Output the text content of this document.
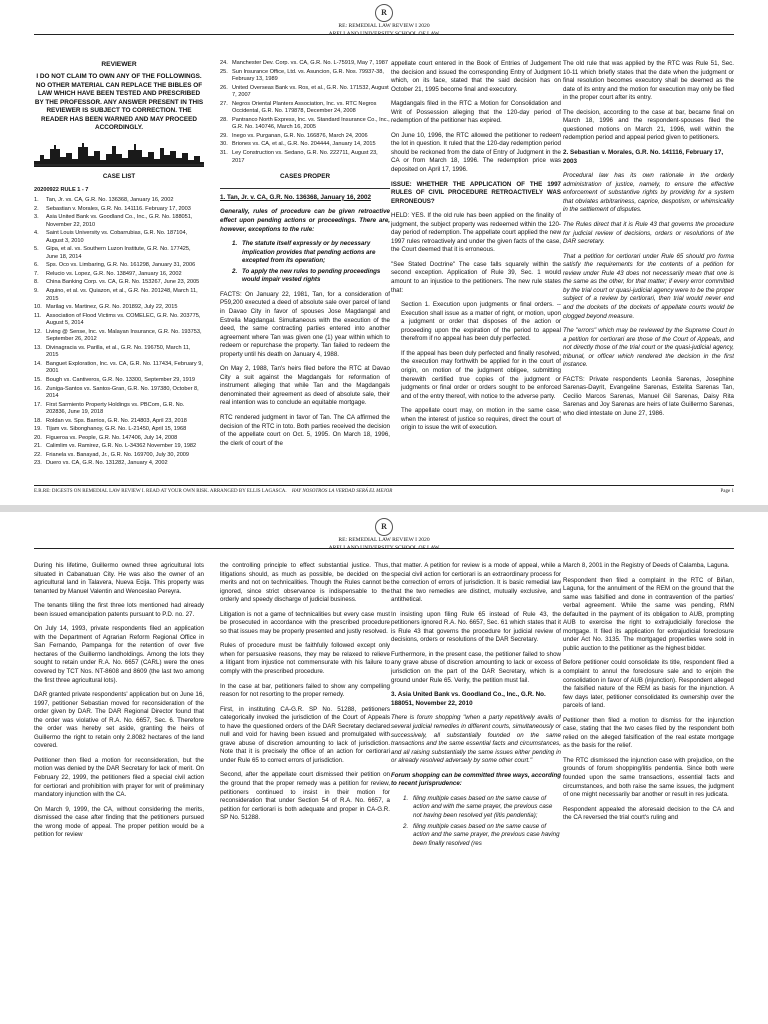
R
RE: REMEDIAL LAW REVIEW I 2020
REVIEWER
I DO NOT CLAIM TO OWN ANY OF THE FOLLOWINGS. NO OTHER MATERIAL CAN REPLACE THE BIBLES OF LAW WHICH HAVE BEEN TESTED AND PRESCRIBED BY THE PROFESSOR. ANY ANSWER PRESENT IN THIS REVIEWER IS SUBJECT TO CORRECTION. THE READER HAS BEEN WARNED AND MAY PROCEED ACCORDINGLY.
CASE LIST
20200922 RULE 1 - 7
1.	Tan, Jr. vs. CA, G.R. No. 136368, January 16, 2002
2.	Sebastian v. Morales, G.R. No. 141116. February 17, 2003
3.	Asia United Bank vs. Goodland Co., Inc., G.R. No. 188051, November 22, 2010
4.	Saint Louis University vs. Cobarrubias, G.R. No. 187104, August 3, 2010
5.	Gipa, et al. vs. Southern Luzon Institute, G.R. No. 177425, June 18, 2014
6.	Sps. Oco vs. Limbaring, G.R. No. 161298, January 31, 2006
7.	Relucio vs. Lopez, G.R. No. 138497, January 16, 2002
8.	China Banking Corp. vs. CA, G.R. No. 153267, June 23, 2005
9.	Aquino, et al. vs. Quiazon, et al., G.R. No. 201248, March 11, 2015
10. Marilag vs. Martinez, G.R. No. 201892, July 22, 2015
11. Association of Flood Victims vs. COMELEC, G.R. No. 203775, August 5, 2014
12. Living @ Sense, Inc. vs. Malayan Insurance, G.R. No. 193753, September 26, 2012
13. Divinagracia vs. Parilla, et al., G.R. No. 196750, March 11, 2015
14. Banguet Exploration, Inc. vs. CA, G.R. No. 117434, February 9, 2001
15. Bough vs. Cantiveros, G.R. No. 13300, September 29, 1919
16. Zuniga-Santos vs. Santos-Gran, G.R. No. 197380, October 8, 2014
17. First Sarmiento Property Holdings vs. PBCom, G.R. No. 202836, June 19, 2018
18. Roldan vs. Sps. Barrios, G.R. No. 214803, April 23, 2018
19. Tijam vs. Sibonghanoy, G.R. No. L-21450, April 15, 1968
20. Figueroa vs. People, G.R. No. 147406, July 14, 2008
21. Calimlim vs. Ramirez, G.R. No. L-34362 November 19, 1982
22. Frianela vs. Banayad, Jr., G.R. No. 169700, July 30, 2009
23. Duero vs. CA, G.R. No. 131282, January 4, 2002
24. Manchester Dev. Corp. vs. CA, G.R. No. L-75919, May 7, 1987
25. Sun Insurance Office, Ltd. vs. Asuncion, G.R. Nos. 79937-38, February 13, 1989
26. United Overseas Bank vs. Ros, et al., G.R. No. 171532, August 7, 2007
27. Negros Oriental Planters Association, Inc. vs. RTC Negros Occidental, G.R. No. 179878, December 24, 2008
28. Pantranco North Express, Inc. vs. Standard Insurance Co., Inc., G.R. No. 140746, March 16, 2005
29. Inego vs. Purganan, G.R. No. 166876, March 24, 2006
30. Briones vs. CA, et al., G.R. No. 204444, January 14, 2015
31. Ley Construction vs. Sedano, G.R. No. 222711, August 23, 2017
CASES PROPER
1. Tan, Jr. v. CA, G.R. No. 136368, January 16, 2002

Generally, rules of procedure can be given retroactive effect upon pending actions or proceedings. There are, however, exceptions to the rule:

1. The statute itself expressly or by necessary implication provides that pending actions are excepted from its operation;
2. To apply the new rules to pending proceedings would impair vested rights

FACTS: On January 22, 1981, Tan, for a consideration of P59,200 executed a deed of absolute sale over parcel of land in Davao City in favor of spouses Jose Magdangal and Estrella Magdangal. Simultaneous with the execution of the deed, the same contracting parties entered into another agreement where Tan was given one (1) year within which to redeem or repurchase the property. Tan failed to redeem the property until his death on January 4, 1988.

On May 2, 1988, Tan's heirs filed before the RTC at Davao City a suit against the Magdangals for reformation of instrument alleging that while Tan and the Magdangals denominated their agreement as deed of absolute sale, their real intention was to conclude an equitable mortgage.

RTC rendered judgment in favor of Tan. The CA affirmed the decision of the RTC in toto. Both parties received the decision of the appellate court on Oct. 5, 1995. On March 18, 1996, the clerk of court of the

appellate court entered in the Book of Entries of Judgement the decision and issued the corresponding Entry of Judgment which, on its face, stated that the said decision has on October 21, 1995 become final and executory.

Magdangals filed in the RTC a Motion for Consolidation and Writ of Possession alleging that the 120-day period of redemption of the petitioner has expired.

On June 10, 1996, the RTC allowed the petitioner to redeem the lot in question. It ruled that the 120-day redemption period should be reckoned from the date of Entry of Judgment in the CA or from March 18, 1996. The redemption price was deposited on April 17, 1996.

ISSUE: WHETHER THE APPLICATION OF THE 1997 RULES OF CIVIL PROCEDURE RETROACTIVELY WAS ERRONEOUS?

HELD: YES. If the old rule has been applied on the finality of judgment, the subject property was redeemed within the 120-day period of redemption. The appellate court applied the new 1997 rules retroactively and under the given facts of the case, the Court deemed that it is erroneous.

"See Stated Doctrine" The case falls squarely within the second exception. Application of Rule 39, Sec. 1 would amount to an injustice to the petitioners. The new rule states that:

Section 1. Execution upon judgments or final orders. -- Execution shall issue as a matter of right, or motion, upon a judgment or order that disposes of the action or proceeding upon the expiration of the period to appeal therefrom if no appeal has been duly perfected.

If the appeal has been duly perfected and finally resolved, the execution may forthwith be applied for in the court of origin, on motion of the judgment obligee, submitting therewith certified true copies of the judgment or judgments or final order or orders sought to be enforced and of the entry thereof, with notice to the adverse party.

The appellate court may, on motion in the same case, when the interest of justice so requires, direct the court of origin to issue the writ of execution.

The old rule that was applied by the RTC was Rule 51, Sec. 10-11 which briefly states that the date when the judgment or final resolution becomes executory shall be deemed as the date of its entry and the motion for execution may only be filed in the proper court after its entry.

The decision, according to the case at bar, became final on March 18, 1996 and the respondent-spouses filed the questioned motions on March 21, 1996, well within the redemption period and appeal period given to petitioners.

2. Sebastian v. Morales, G.R. No. 141116, February 17, 2003

Procedural law has its own rationale in the orderly administration of justice, namely, to ensure the effective enforcement of substantive rights by providing for a system that obviates arbitrariness, caprice, despotism, or whimsicality in the settlement of disputes.

The Rules direct that it is Rule 43 that governs the procedure for judicial review of decisions, orders or resolutions of the DAR secretary.

That a petition for certiorari under Rule 65 should pro forma satisfy the requirements for the contents of a petition for review under Rule 43 does not necessarily mean that one is the same as the other, for that matter; if every error committed by the trial court or quasi-judicial agency were to be the proper subject of a review by certiorari, then trial would never end and the dockets of the dockets of appellate courts would be clogged beyond measure.

The "errors" which may be reviewed by the Supreme Court in a petition for certiorari are those of the Court of Appeals, and not directly those of the trial court or the quasi-judicial agency, tribunal, or officer which rendered the decision in the first instance.

FACTS: Private respondents Leonila Sarenas, Josephine Sarenas-Dayrit, Evangeline Sarenas, Estelita Sarenas Tan, Cecilio Marcos Sarenas, Manuel Gil Sarenas, Daisy Rita Sarenas and Joy Sarenas are heirs of late Guillermo Sarenas, who died intestate on June 27, 1986.

E.R.RE: DIGESTS ON REMEDIAL LAW REVIEW I. READ AT YOUR OWN RISK. ARRANGED BY ELLIS LAGASCA. HAY NOSOTROS LA VERDAD SERÁ EL MEJOR	Page 1
R
RE: REMEDIAL LAW REVIEW I 2020

During his lifetime, Guillermo owned three agricultural lots situated in Cabanatuan City. He was also the owner of an agricultural land in Talavera, Nueva Ecija. This property was tenanted by Manuel Valentin and Wenceslao Pereyra.

The tenants tilling the first three lots mentioned had already been issued emancipation patents pursuant to P.D. no. 27.

On July 14, 1993, private respondents filed an application with the Department of Agrarian Reform Regional Office in San Fernando, Pampanga for the retention of over five hectares of the Guillermo landholdings. Among the lots they sought to retain under R.A. No. 6657 (CARL) were the ones covered by TCT Nos. NT-8608 and 8609 (the last two among the first three agricultural lots).

DAR granted private respondents' application but on June 16, 1997, petitioner Sebastian moved for reconsideration of the order given by DAR. The DAR Regional Director found that the order was violative of R.A. No. 6657, Sec. 6. Therefore the order was hereby set aside, granting the heirs of Guillermo the right to retain only 2.8082 hectares of the land covered.

Petitioner then filed a motion for reconsideration, but the motion was denied by the DAR Secretary for lack of merit. On February 22, 1999, the petitioners filed a special civil action for certiorari and prohibition with prayer for writ of preliminary mandatory injunction with the CA.

On March 9, 1999, the CA, without considering the merits, dismissed the case after finding that the petitioners pursued the wrong mode of appeal. The proper petition would be a petition for review

the controlling principle to effect substantial justice. Thus, litigations should, as much as possible, be decided on the merits and not on technicalities. Though the Rules cannot be ignored, since strict observance is indispensable to the orderly and speedy discharge of judicial business.

Litigation is not a game of technicalities but every case must be prosecuted in accordance with the prescribed procedure so that issues may be properly presented and justly resolved.

Rules of procedure must be faithfully followed except only when for persuasive reasons, they may be relaxed to relieve a litigant from injustice not commensurate with his failure to comply with the prescribed procedure.

In the case at bar, petitioners failed to show any compelling reason for not resorting to the proper remedy.

First, in instituting CA-G.R. SP No. 51288, petitioners categorically invoked the jurisdiction of the Court of Appeals to have the questioned orders of the DAR Secretary declared null and void for having been issued and promulgated with grave abuse of discretion amounting to lack of jurisdiction. Note that it is precisely the office of an action for certiorari under Rule 65 to correct errors of jurisdiction.

Second, after the appellate court dismissed their petition on the ground that the proper remedy was a petition for review, petitioners continued to insist in their motion for reconsideration that under Section 54 of R.A. No. 6657, a petition for certiorari is both adequate and proper in CA-G.R. SP No. 51288.

that matter. A petition for review is a mode of appeal, while a special civil action for certiorari is an extraordinary process for the correction of errors of jurisdiction. It is basic remedial law that the two remedies are distinct, mutually exclusive, and antithetical.

In insisting upon filing Rule 65 instead of Rule 43, the petitioners ignored R.A. No. 6657, Sec. 61 which states that it is Rule 43 that governs the procedure for judicial review of decisions, orders or resolutions of the DAR Secretary.

Furthermore, in the present case, the petitioner failed to show any grave abuse of discretion amounting to lack or excess of jurisdiction on the part of the DAR Secretary, which is a ground under Rule 65. Verily, the petition must fail.

3. Asia United Bank vs. Goodland Co., Inc., G.R. No. 188051, November 22, 2010

There is forum shopping "when a party repetitively avails of several judicial remedies in different courts, simultaneously or successively, all substantially founded on the same transactions and the same essential facts and circumstances, and all raising substantially the same issues either pending in or already resolved adversely by some other court."

Forum shopping can be committed three ways, according to recent jurisprudence:

1. filing multiple cases based on the same cause of action and with the same prayer, the previous case not having been resolved yet (litis pendentia);
2. filing multiple cases based on the same cause of action and the same prayer, the previous case having been finally resolved (res

March 8, 2001 in the Registry of Deeds of Calamba, Laguna.

Respondent then filed a complaint in the RTC of Biñan, Laguna, for the annulment of the REM on the ground that the same was falsified and done in contravention of the parties' verbal agreement. While the same was pending, RMN defaulted in the payment of its obligation to AUB, prompting AUB to exercise the right to extrajudicially foreclose the mortgage. It filed its application for extrajudicial foreclosure under Act No. 3135. The mortgaged properties were sold in public auction to the petitioner as the highest bidder.

Before petitioner could consolidate its title, respondent filed a complaint to annul the foreclosure sale and to enjoin the consolidation in favor of AUB (injunction). Respondent alleged the falsified nature of the REM as basis for the injunction. A few days later, petitioner consolidated its ownership over the parcels of land.

Petitioner then filed a motion to dismiss for the injunction case, stating that the two cases filed by the respondent both relied on the alleged falsification of the real estate mortgage as the basis for the relief.

The RTC dismissed the injunction case with prejudice, on the grounds of forum shopping/litis pendentia. Since both were founded upon the same transactions, essential facts and circumstances, and both raise the same issues, the judgment of one might necessarily bar another or result in res judicata.

Respondent appealed the aforesaid decision to the CA and the CA reversed the trial court's ruling and
